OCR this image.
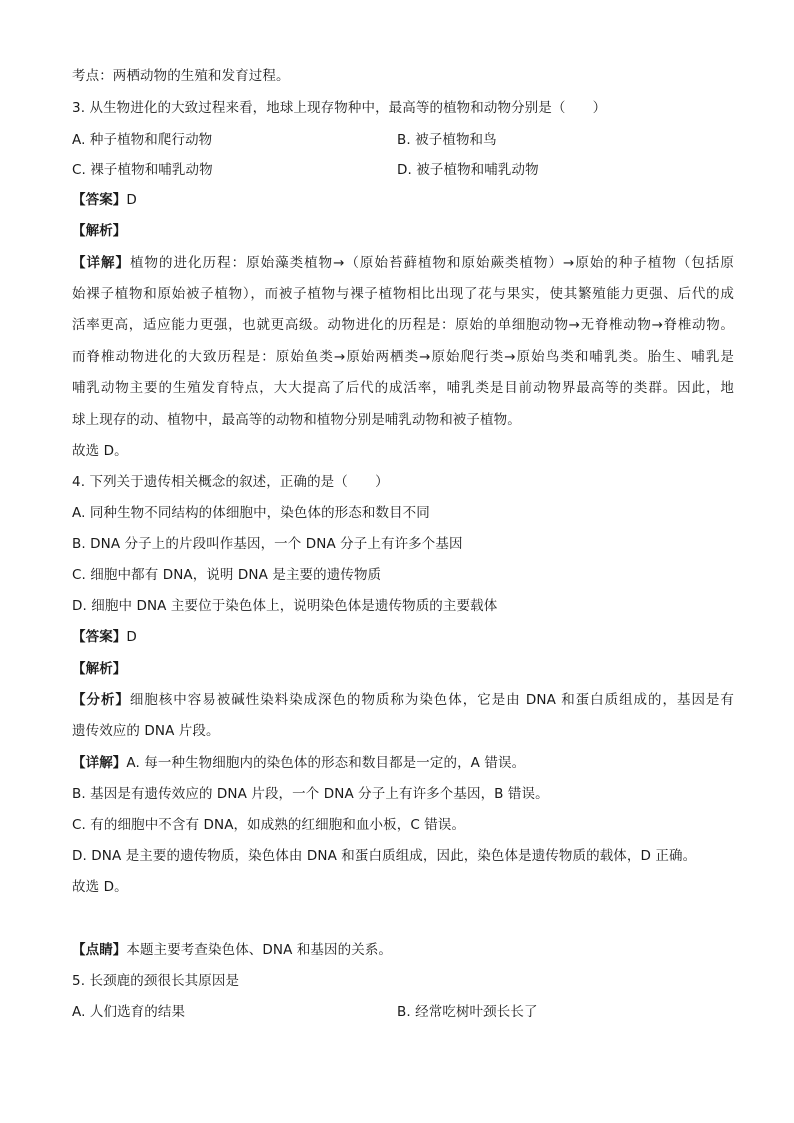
考点：两栖动物的生殖和发育过程。
3. 从生物进化的大致过程来看，地球上现存物种中，最高等的植物和动物分别是（　　）
A. 种子植物和爬行动物	B. 被子植物和鸟
C. 裸子植物和哺乳动物	D. 被子植物和哺乳动物
【答案】D
【解析】
【详解】植物的进化历程：原始藻类植物→（原始苔藓植物和原始蕨类植物）→原始的种子植物（包括原
始裸子植物和原始被子植物），而被子植物与裸子植物相比出现了花与果实，使其繁殖能力更强、后代的成
活率更高，适应能力更强，也就更高级。动物进化的历程是：原始的单细胞动物→无脊椎动物→脊椎动物。
而脊椎动物进化的大致历程是：原始鱼类→原始两栖类→原始爬行类→原始鸟类和哺乳类。胎生、哺乳是
哺乳动物主要的生殖发育特点，大大提高了后代的成活率，哺乳类是目前动物界最高等的类群。因此，地
球上现存的动、植物中，最高等的动物和植物分别是哺乳动物和被子植物。
故选 D。
4. 下列关于遗传相关概念的叙述，正确的是（　　）
A. 同种生物不同结构的体细胞中，染色体的形态和数目不同
B. DNA 分子上的片段叫作基因，一个 DNA 分子上有许多个基因
C. 细胞中都有 DNA，说明 DNA 是主要的遗传物质
D. 细胞中 DNA 主要位于染色体上，说明染色体是遗传物质的主要载体
【答案】D
【解析】
【分析】细胞核中容易被碱性染料染成深色的物质称为染色体，它是由 DNA 和蛋白质组成的，基因是有
遗传效应的 DNA 片段。
【详解】A. 每一种生物细胞内的染色体的形态和数目都是一定的，A 错误。
B. 基因是有遗传效应的 DNA 片段，一个 DNA 分子上有许多个基因，B 错误。
C. 有的细胞中不含有 DNA，如成熟的红细胞和血小板，C 错误。
D. DNA 是主要的遗传物质，染色体由 DNA 和蛋白质组成，因此，染色体是遗传物质的载体，D 正确。
故选 D。
【点睛】本题主要考查染色体、DNA 和基因的关系。
5. 长颈鹿的颈很长其原因是
A. 人们选育的结果	B. 经常吃树叶颈长长了
